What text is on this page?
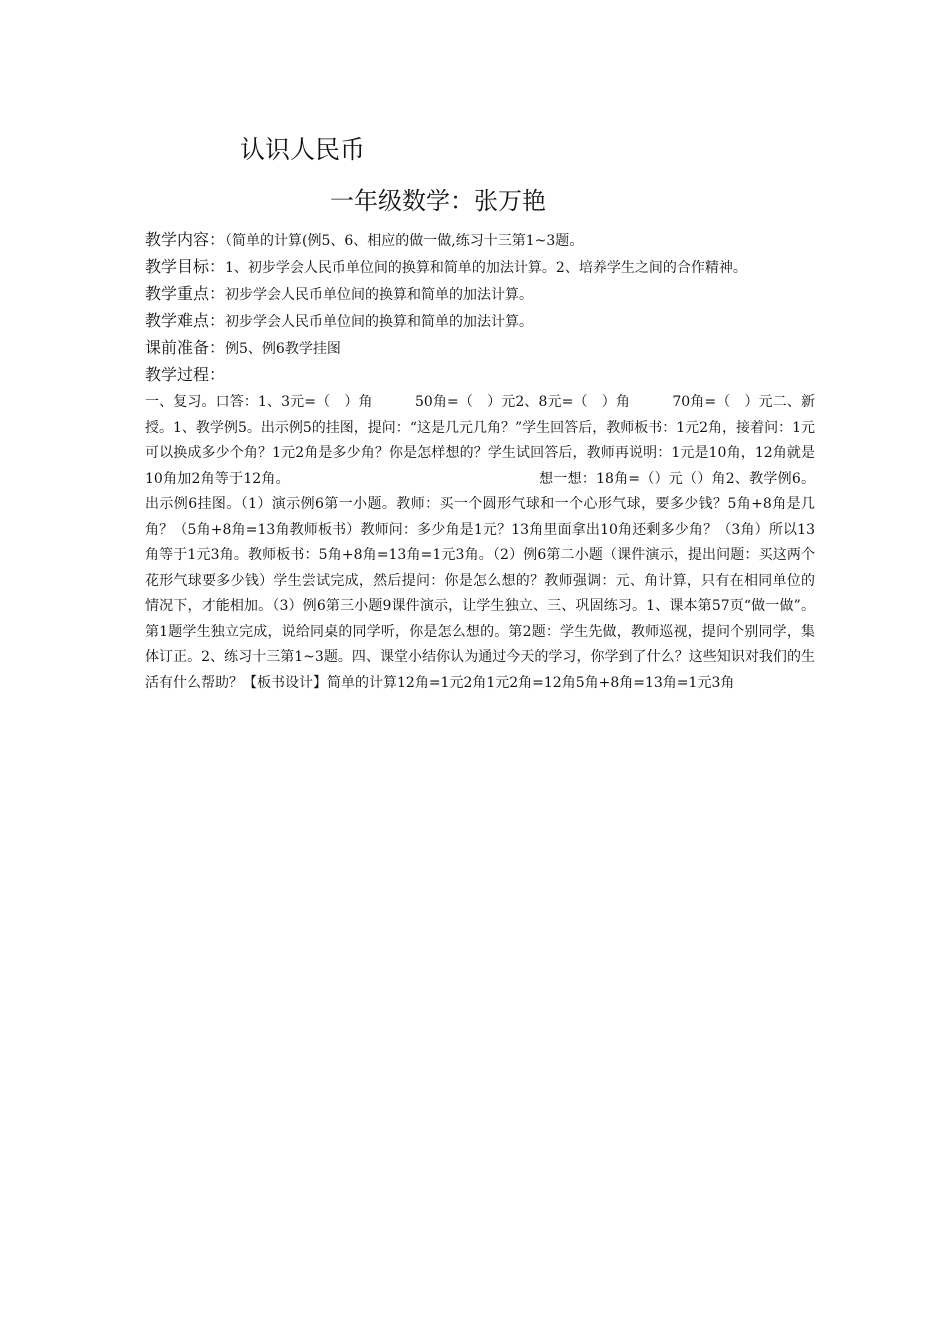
认识人民币
一年级数学：张万艳

教学内容：（简单的计算(例5、6、相应的做一做,练习十三第1~3题。

教学目标：1、初步学会人民币单位间的换算和简单的加法计算。2、培养学生之间的合作精神。

教学重点：初步学会人民币单位间的换算和简单的加法计算。

教学难点：初步学会人民币单位间的换算和简单的加法计算。

课前准备：例5、例6教学挂图

教学过程：

一、复习。口答：1、3元=（　）角　　　50角=（　）元2、8元=（　）角　　　70角=（　）元二、新授。1、教学例5。出示例5的挂图，提问：“这是几元几角？”学生回答后，教师板书：1元2角，接着问：1元可以换成多少个角？1元2角是多少角？你是怎样想的？学生试回答后，教师再说明：1元是10角，12角就是10角加2角等于12角。　　　　　　　　　　　　　　　　　　想一想：18角=（）元（）角2、教学例6。出示例6挂图。（1）演示例6第一小题。教师：买一个圆形气球和一个心形气球，要多少钱？5角+8角是几角？（5角+8角=13角教师板书）教师问：多少角是1元？13角里面拿出10角还剩多少角？（3角）所以13角等于1元3角。教师板书：5角+8角=13角=1元3角。（2）例6第二小题（课件演示，提出问题：买这两个花形气球要多少钱）学生尝试完成，然后提问：你是怎么想的？教师强调：元、角计算，只有在相同单位的情况下，才能相加。（3）例6第三小题9课件演示，让学生独立、三、巩固练习。1、课本第57页“做一做”。第1题学生独立完成，说给同桌的同学听，你是怎么想的。第2题：学生先做，教师巡视，提问个别同学，集体订正。2、练习十三第1~3题。四、课堂小结你认为通过今天的学习，你学到了什么？这些知识对我们的生活有什么帮助？【板书设计】简单的计算12角=1元2角1元2角=12角5角+8角=13角=1元3角
